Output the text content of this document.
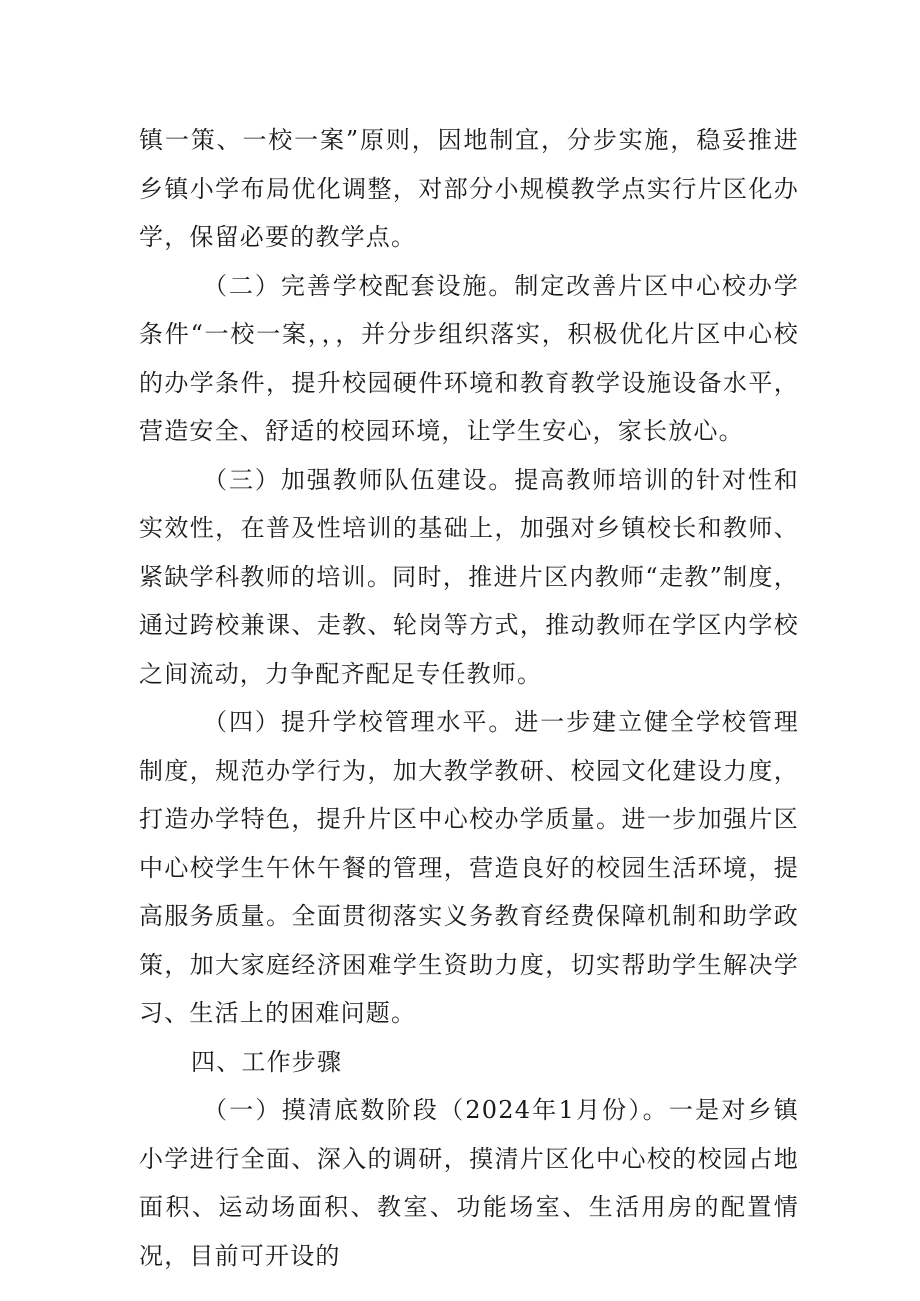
镇一策、一校一案”原则，因地制宜，分步实施，稳妥推进乡镇小学布局优化调整，对部分小规模教学点实行片区化办学，保留必要的教学点。

（二）完善学校配套设施。制定改善片区中心校办学条件“一校一案，，，并分步组织落实，积极优化片区中心校的办学条件，提升校园硬件环境和教育教学设施设备水平，营造安全、舒适的校园环境，让学生安心，家长放心。

（三）加强教师队伍建设。提高教师培训的针对性和实效性，在普及性培训的基础上，加强对乡镇校长和教师、紧缺学科教师的培训。同时，推进片区内教师“走教”制度，通过跨校兼课、走教、轮岗等方式，推动教师在学区内学校之间流动，力争配齐配足专任教师。

（四）提升学校管理水平。进一步建立健全学校管理制度，规范办学行为，加大教学教研、校园文化建设力度，打造办学特色，提升片区中心校办学质量。进一步加强片区中心校学生午休午餐的管理，营造良好的校园生活环境，提高服务质量。全面贯彻落实义务教育经费保障机制和助学政策，加大家庭经济困难学生资助力度，切实帮助学生解决学习、生活上的困难问题。

四、工作步骤

（一）摸清底数阶段（2024年1月份）。一是对乡镇小学进行全面、深入的调研，摸清片区化中心校的校园占地面积、运动场面积、教室、功能场室、生活用房的配置情况，目前可开设的
